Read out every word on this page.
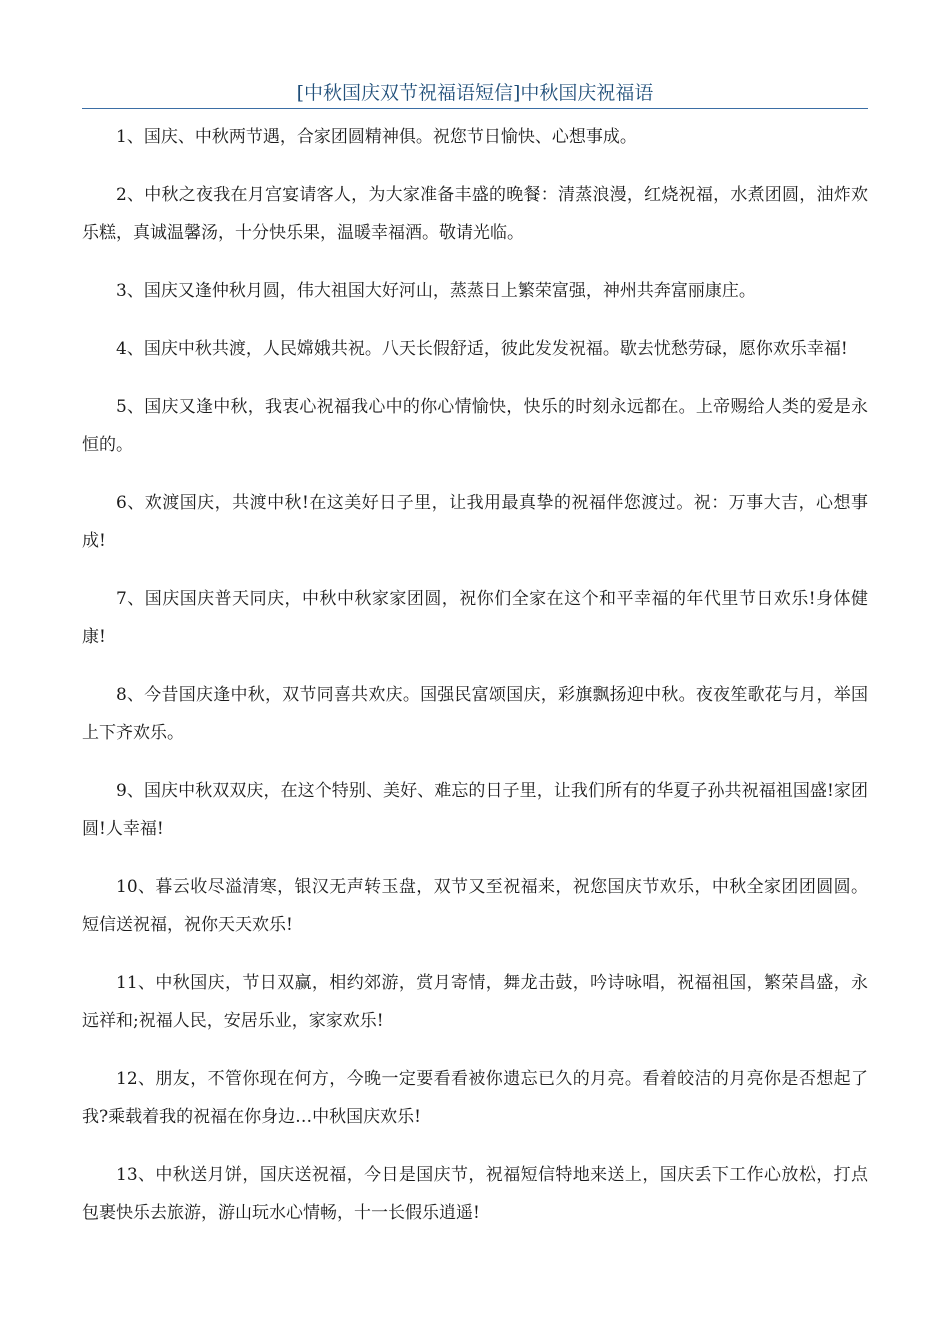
[中秋国庆双节祝福语短信]中秋国庆祝福语

1、国庆、中秋两节遇，合家团圆精神俱。祝您节日愉快、心想事成。

2、中秋之夜我在月宫宴请客人，为大家准备丰盛的晚餐：清蒸浪漫，红烧祝福，水煮团圆，油炸欢乐糕，真诚温馨汤，十分快乐果，温暖幸福酒。敬请光临。

3、国庆又逢仲秋月圆，伟大祖国大好河山，蒸蒸日上繁荣富强，神州共奔富丽康庄。

4、国庆中秋共渡，人民嫦娥共祝。八天长假舒适，彼此发发祝福。歇去忧愁劳碌，愿你欢乐幸福!

5、国庆又逢中秋，我衷心祝福我心中的你心情愉快，快乐的时刻永远都在。上帝赐给人类的爱是永恒的。

6、欢渡国庆，共渡中秋!在这美好日子里，让我用最真挚的祝福伴您渡过。祝：万事大吉，心想事成!

7、国庆国庆普天同庆，中秋中秋家家团圆，祝你们全家在这个和平幸福的年代里节日欢乐!身体健康!

8、今昔国庆逢中秋，双节同喜共欢庆。国强民富颂国庆，彩旗飘扬迎中秋。夜夜笙歌花与月，举国上下齐欢乐。

9、国庆中秋双双庆，在这个特别、美好、难忘的日子里，让我们所有的华夏子孙共祝福祖国盛!家团圆!人幸福!

10、暮云收尽溢清寒，银汉无声转玉盘，双节又至祝福来，祝您国庆节欢乐，中秋全家团团圆圆。短信送祝福，祝你天天欢乐!

11、中秋国庆，节日双赢，相约郊游，赏月寄情，舞龙击鼓，吟诗咏唱，祝福祖国，繁荣昌盛，永远祥和;祝福人民，安居乐业，家家欢乐!

12、朋友，不管你现在何方，今晚一定要看看被你遗忘已久的月亮。看着皎洁的月亮你是否想起了我?乘载着我的祝福在你身边…中秋国庆欢乐!

13、中秋送月饼，国庆送祝福，今日是国庆节，祝福短信特地来送上，国庆丢下工作心放松，打点包裹快乐去旅游，游山玩水心情畅，十一长假乐逍遥!
